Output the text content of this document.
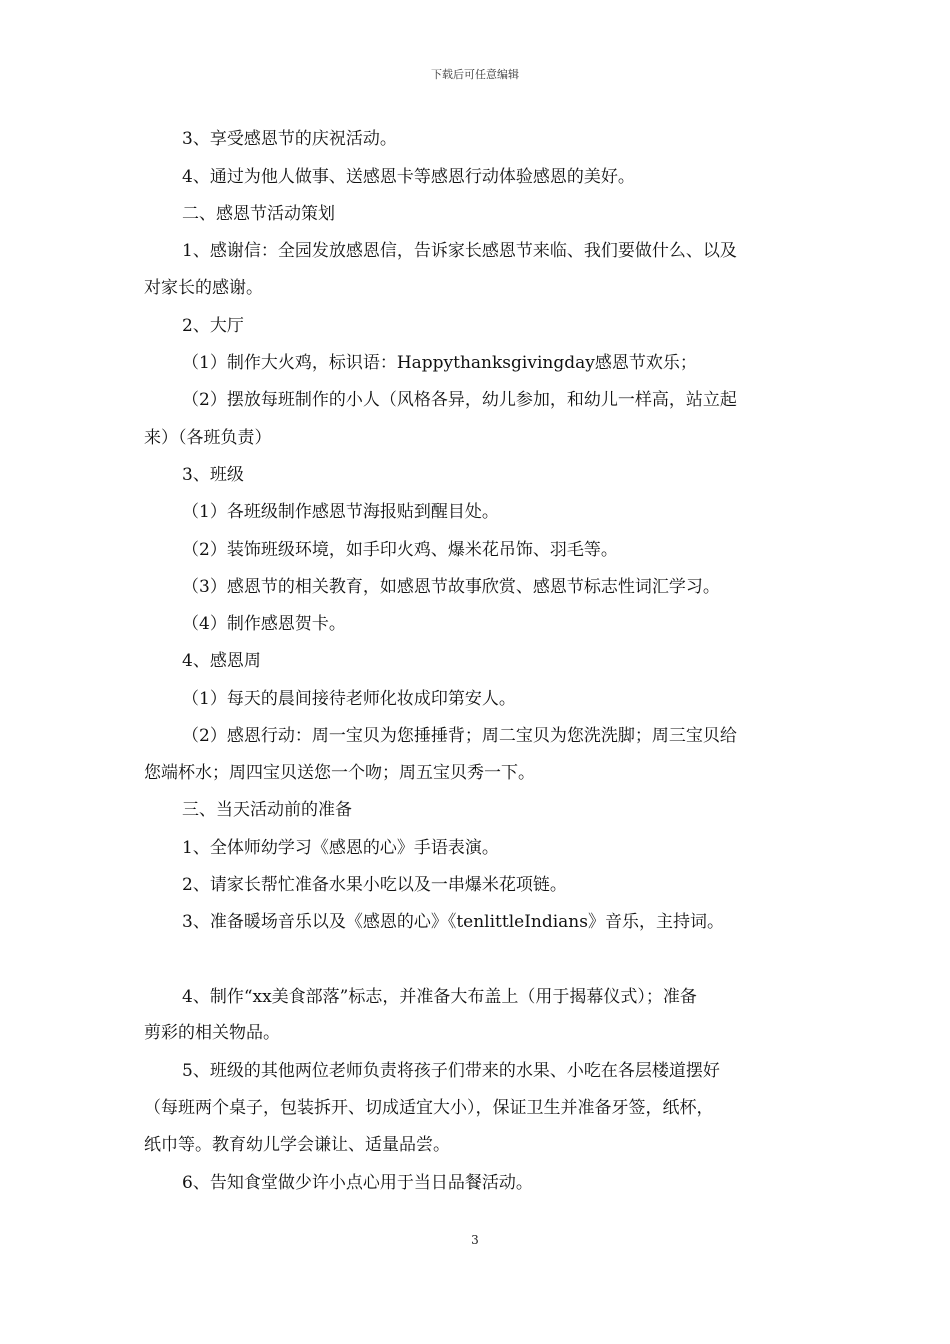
下载后可任意编辑
3、享受感恩节的庆祝活动。
4、通过为他人做事、送感恩卡等感恩行动体验感恩的美好。
二、感恩节活动策划
1、感谢信：全园发放感恩信，告诉家长感恩节来临、我们要做什么、以及
对家长的感谢。
2、大厅
（1）制作大火鸡，标识语：Happythanksgivingday感恩节欢乐；
（2）摆放每班制作的小人（风格各异，幼儿参加，和幼儿一样高，站立起
来）（各班负责）
3、班级
（1）各班级制作感恩节海报贴到醒目处。
（2）装饰班级环境，如手印火鸡、爆米花吊饰、羽毛等。
（3）感恩节的相关教育，如感恩节故事欣赏、感恩节标志性词汇学习。
（4）制作感恩贺卡。
4、感恩周
（1）每天的晨间接待老师化妆成印第安人。
（2）感恩行动：周一宝贝为您捶捶背；周二宝贝为您洗洗脚；周三宝贝给
您端杯水；周四宝贝送您一个吻；周五宝贝秀一下。
三、当天活动前的准备
1、全体师幼学习《感恩的心》手语表演。
2、请家长帮忙准备水果小吃以及一串爆米花项链。
3、准备暖场音乐以及《感恩的心》《tenlittleIndians》音乐，主持词。
4、制作“xx美食部落”标志，并准备大布盖上（用于揭幕仪式）；准备
剪彩的相关物品。
5、班级的其他两位老师负责将孩子们带来的水果、小吃在各层楼道摆好
（每班两个桌子，包装拆开、切成适宜大小），保证卫生并准备牙签，纸杯，
纸巾等。教育幼儿学会谦让、适量品尝。
6、告知食堂做少许小点心用于当日品餐活动。
3
